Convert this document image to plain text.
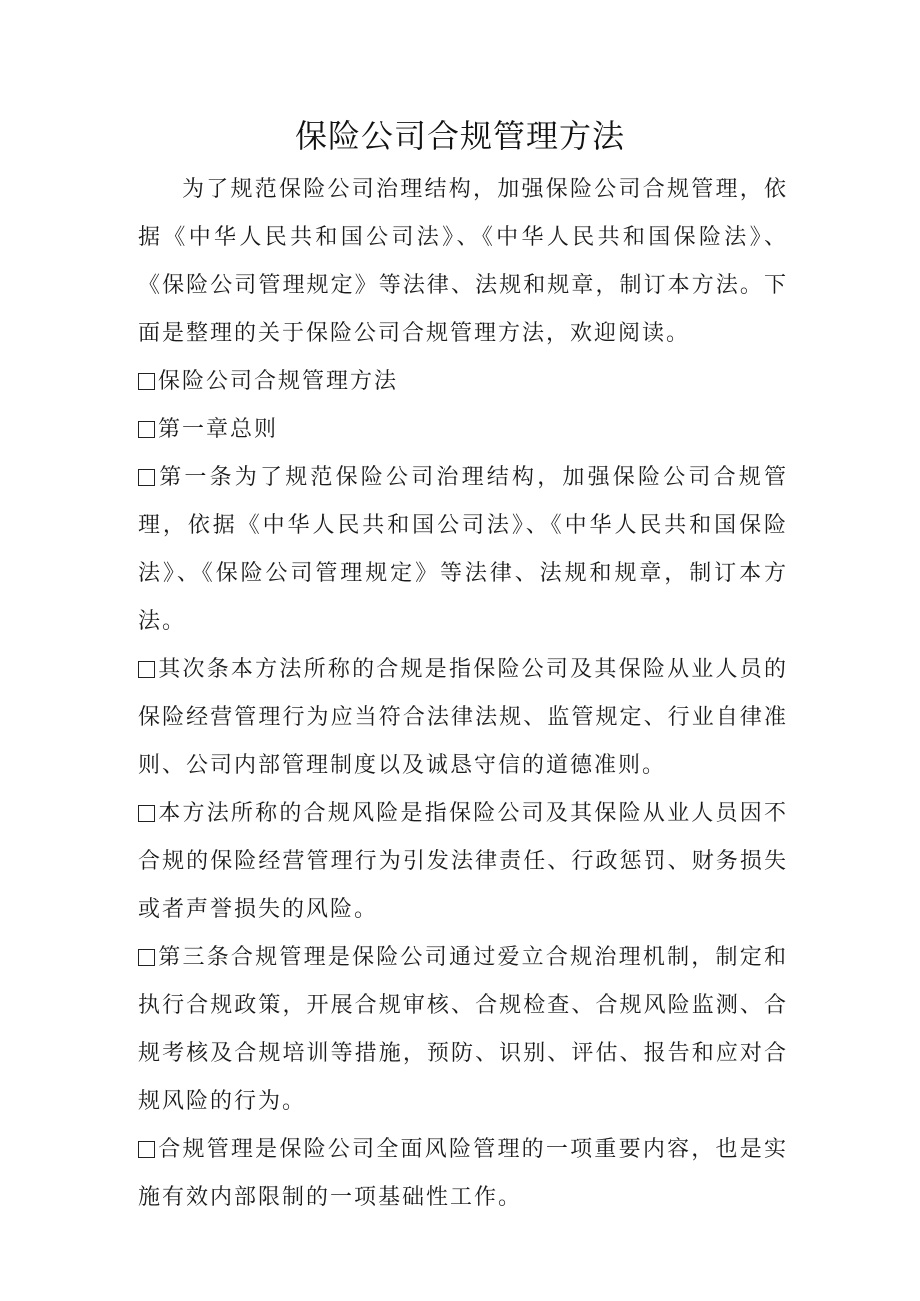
保险公司合规管理方法

为了规范保险公司治理结构，加强保险公司合规管理，依据《中华人民共和国公司法》、《中华人民共和国保险法》、《保险公司管理规定》等法律、法规和规章，制订本方法。下面是整理的关于保险公司合规管理方法，欢迎阅读。

保险公司合规管理方法

第一章总则

第一条为了规范保险公司治理结构，加强保险公司合规管理，依据《中华人民共和国公司法》、《中华人民共和国保险法》、《保险公司管理规定》等法律、法规和规章，制订本方法。

其次条本方法所称的合规是指保险公司及其保险从业人员的保险经营管理行为应当符合法律法规、监管规定、行业自律准则、公司内部管理制度以及诚恳守信的道德准则。

本方法所称的合规风险是指保险公司及其保险从业人员因不合规的保险经营管理行为引发法律责任、行政惩罚、财务损失或者声誉损失的风险。

第三条合规管理是保险公司通过爱立合规治理机制，制定和执行合规政策，开展合规审核、合规检查、合规风险监测、合规考核及合规培训等措施，预防、识别、评估、报告和应对合规风险的行为。

合规管理是保险公司全面风险管理的一项重要内容，也是实施有效内部限制的一项基础性工作。
